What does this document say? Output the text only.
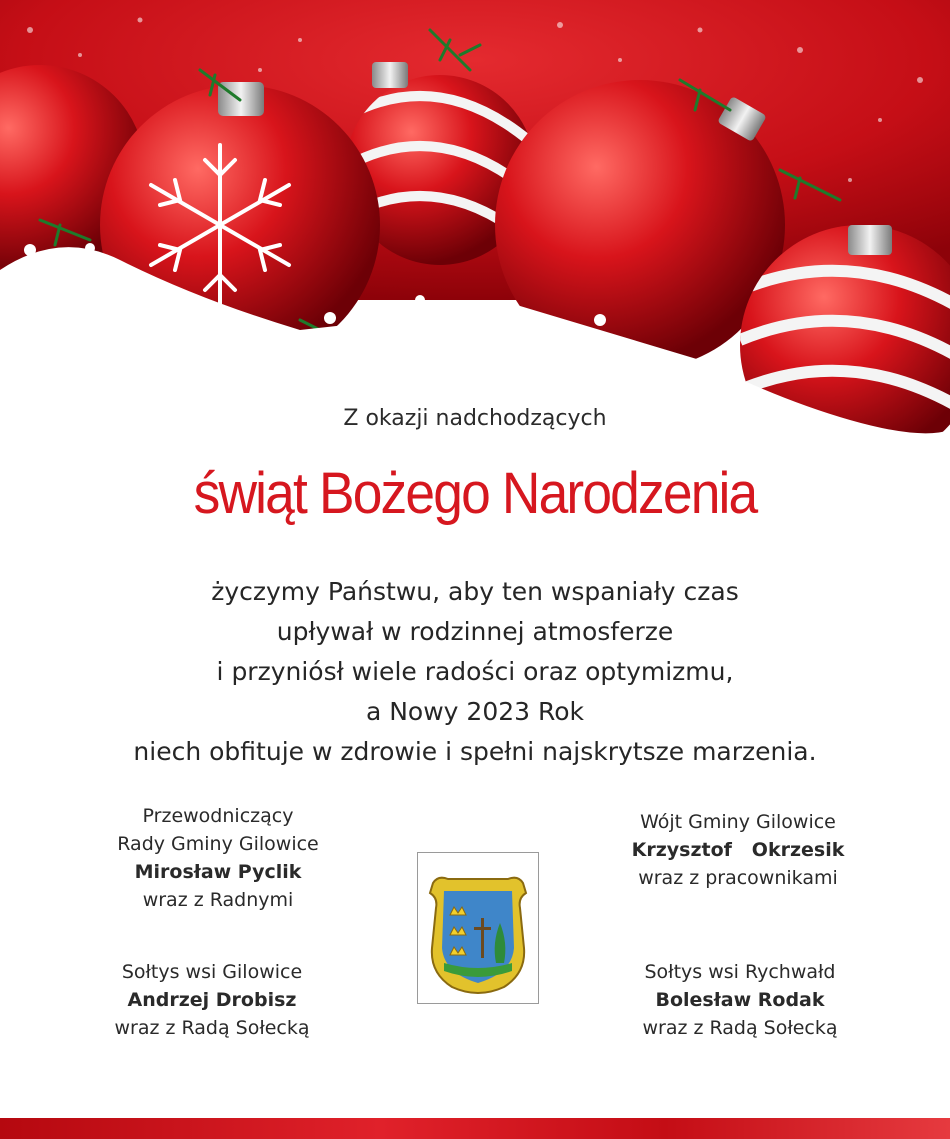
Z okazji nadchodzących
świąt Bożego Narodzenia
życzymy Państwu, aby ten wspaniały czas
upływał w rodzinnej atmosferze
i przyniósł wiele radości oraz optymizmu,
a Nowy 2023 Rok
niech obfituje w zdrowie i spełni najskrytsze marzenia.
Przewodniczący
Rady Gminy Gilowice
Mirosław Pyclik
wraz z Radnymi
Wójt Gminy Gilowice
Krzysztof   Okrzesik
wraz z pracownikami
Sołtys wsi Gilowice
Andrzej Drobisz
wraz z Radą Sołecką
Sołtys wsi Rychwałd
Bolesław Rodak
wraz z Radą Sołecką
